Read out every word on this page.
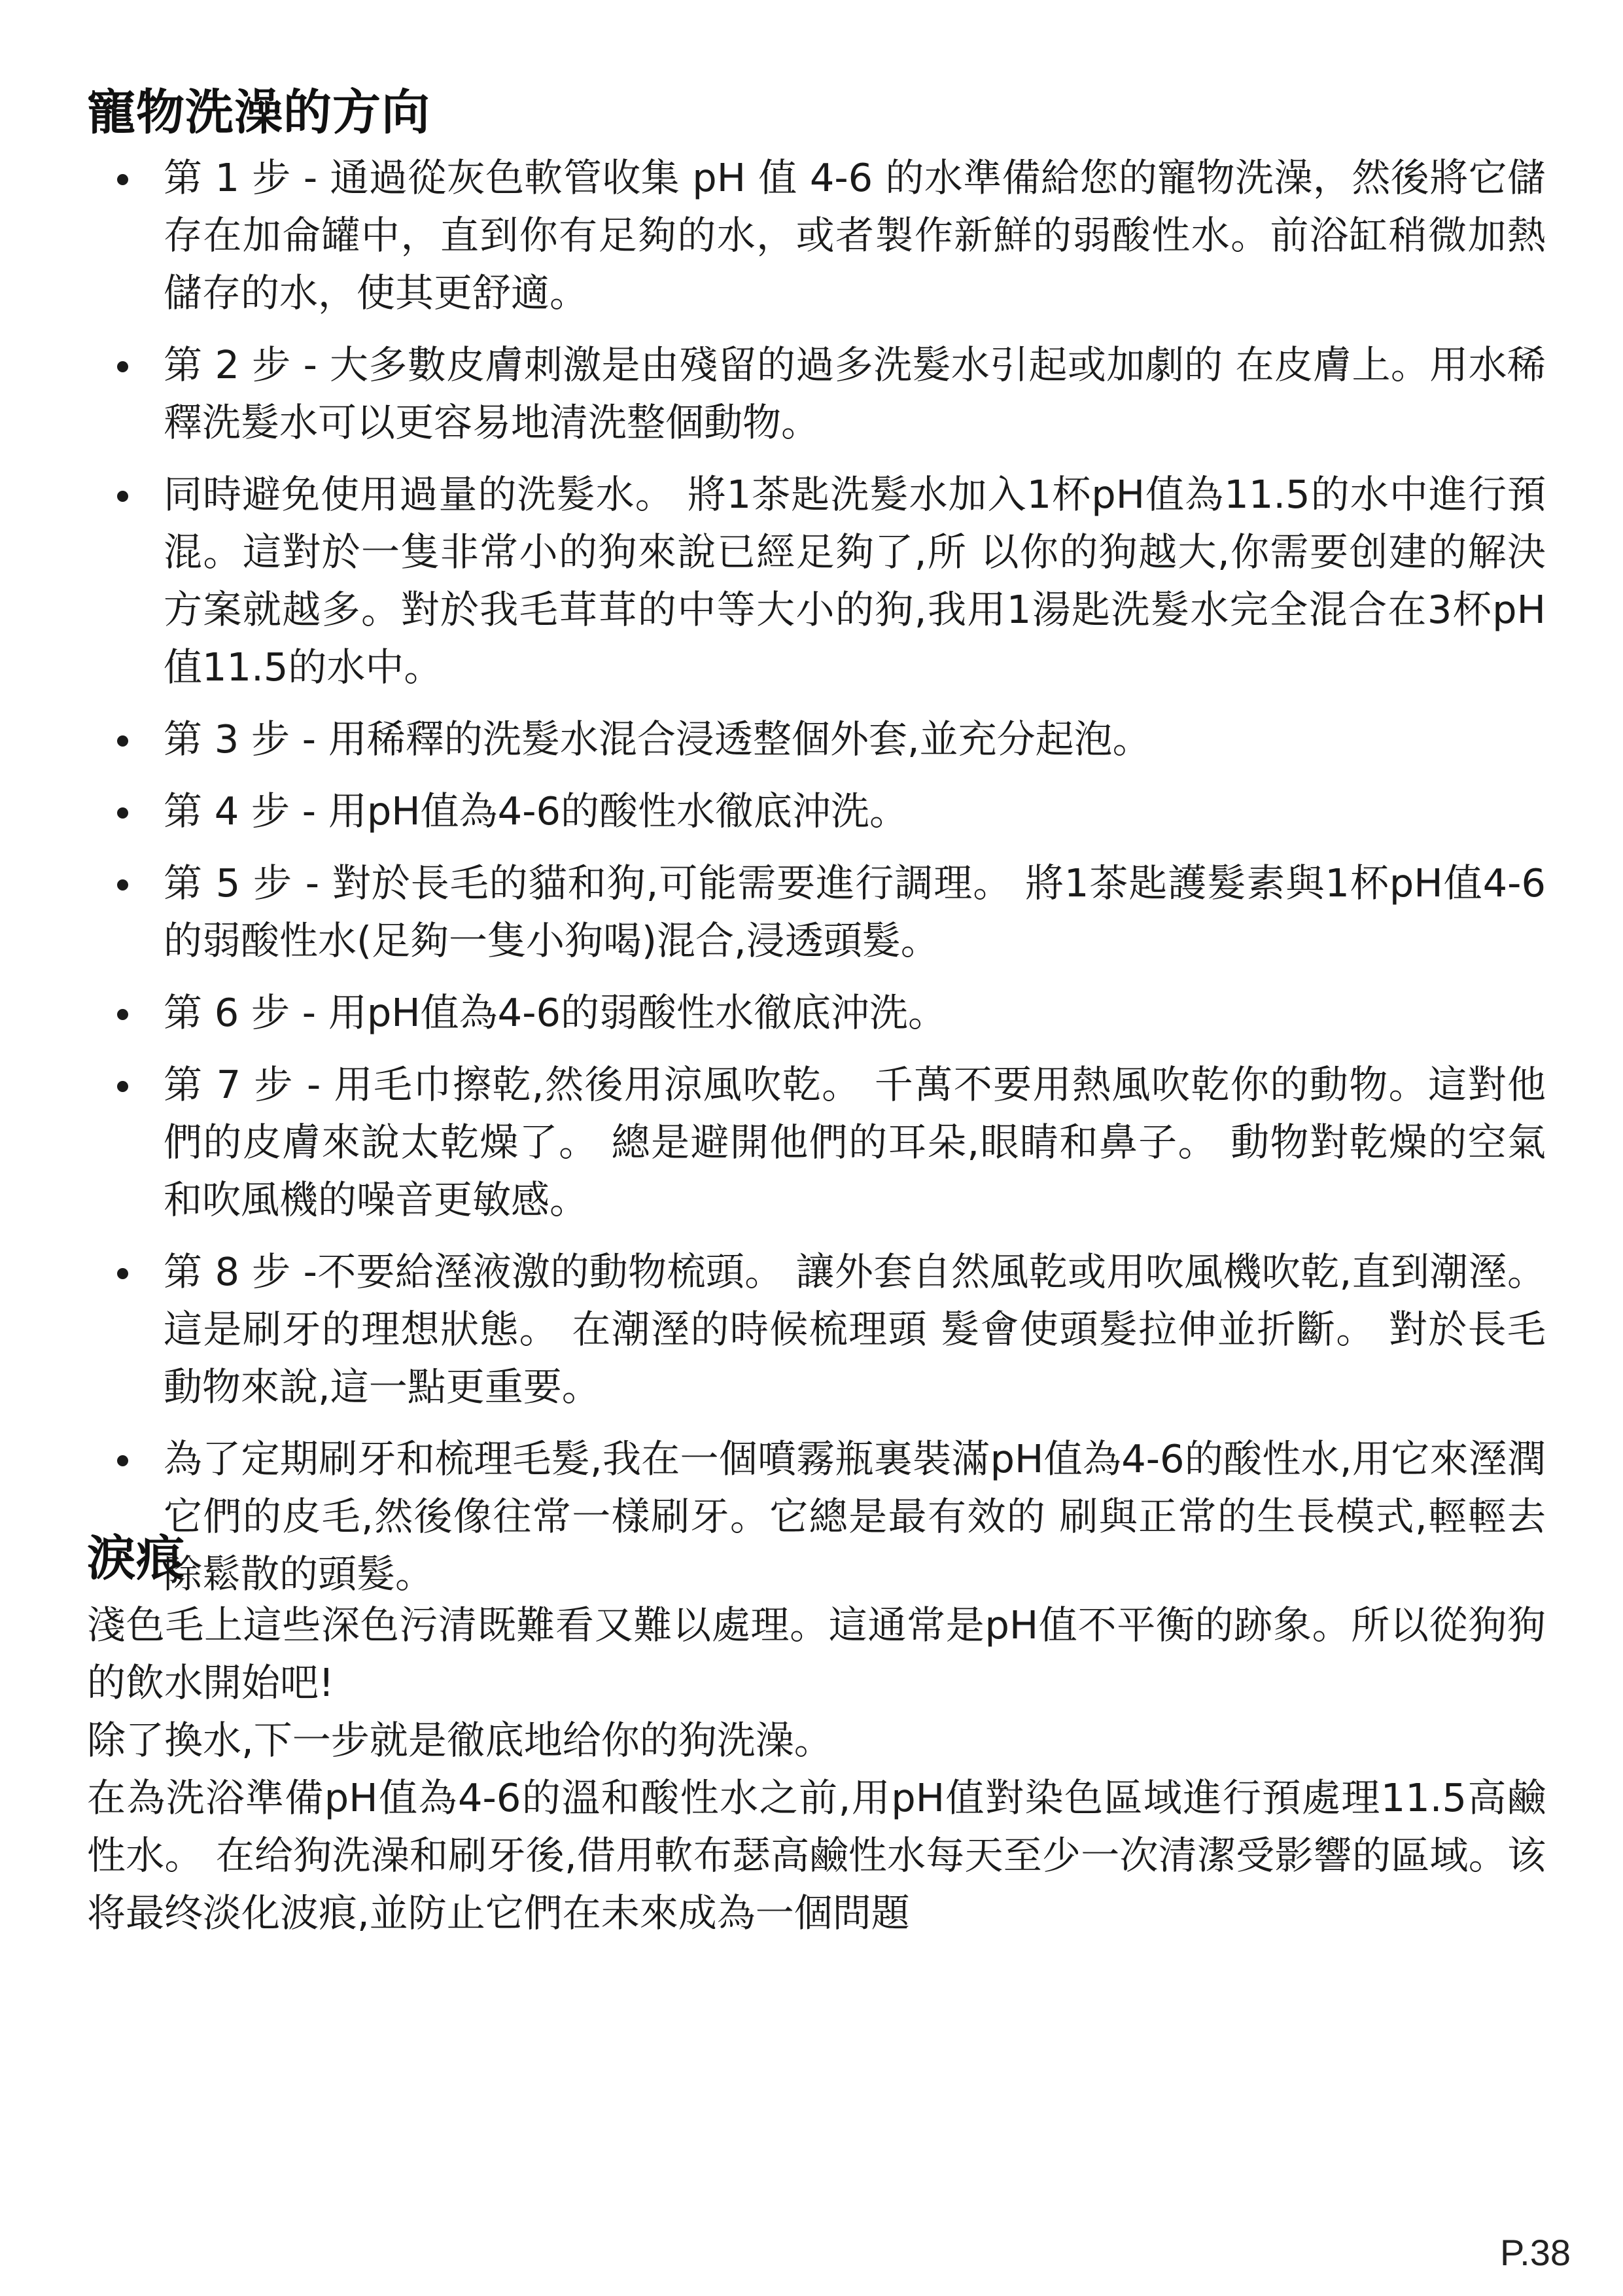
寵物洗澡的方向
第 1 步 - 通過從灰色軟管收集 pH 值 4-6 的水準備給您的寵物洗澡，然後將它儲存在加侖罐中，直到你有足夠的水，或者製作新鮮的弱酸性水。前浴缸稍微加熱儲存的水，使其更舒適。
第 2 步 - 大多數皮膚刺激是由殘留的過多洗髮水引起或加劇的 在皮膚上。用水稀釋洗髮水可以更容易地清洗整個動物。
同時避免使用過量的洗髮水。 將1茶匙洗髮水加入1杯pH值為11.5的水中進行預混。這對於一隻非常小的狗來說已經足夠了,所 以你的狗越大,你需要创建的解決方案就越多。對於我毛茸茸的中等大小的狗,我用1湯匙洗髮水完全混合在3杯pH值11.5的水中。
第 3 步 - 用稀釋的洗髮水混合浸透整個外套,並充分起泡。
第 4 步 - 用pH值為4-6的酸性水徹底沖洗。
第 5 步 - 對於長毛的貓和狗,可能需要進行調理。 將1茶匙護髮素與1杯pH值4-6的弱酸性水(足夠一隻小狗喝)混合,浸透頭髮。
第 6 步 - 用pH值為4-6的弱酸性水徹底沖洗。
第 7 步 - 用毛巾擦乾,然後用涼風吹乾。 千萬不要用熱風吹乾你的動物。這對他們的皮膚來說太乾燥了。 總是避開他們的耳朵,眼睛和鼻子。 動物對乾燥的空氣和吹風機的噪音更敏感。
第 8 步 -不要給溼液激的動物梳頭。 讓外套自然風乾或用吹風機吹乾,直到潮溼。這是刷牙的理想狀態。 在潮溼的時候梳理頭 髮會使頭髮拉伸並折斷。 對於長毛動物來說,這一點更重要。
為了定期刷牙和梳理毛髮,我在一個噴霧瓶裏裝滿pH值為4-6的酸性水,用它來溼潤它們的皮毛,然後像往常一樣刷牙。它總是最有效的 刷與正常的生長模式,輕輕去除鬆散的頭髮。
淚痕

淺色毛上這些深色污清既難看又難以處理。這通常是pH值不平衡的跡象。所以從狗狗的飲水開始吧!

除了換水,下一步就是徹底地给你的狗洗澡。

在為洗浴準備pH值為4-6的溫和酸性水之前,用pH值對染色區域進行預處理11.5高鹼性水。 在给狗洗澡和刷牙後,借用軟布瑟高鹼性水每天至少一次清潔受影響的區域。该将最终淡化波痕,並防止它們在未來成為一個問題

P.38
